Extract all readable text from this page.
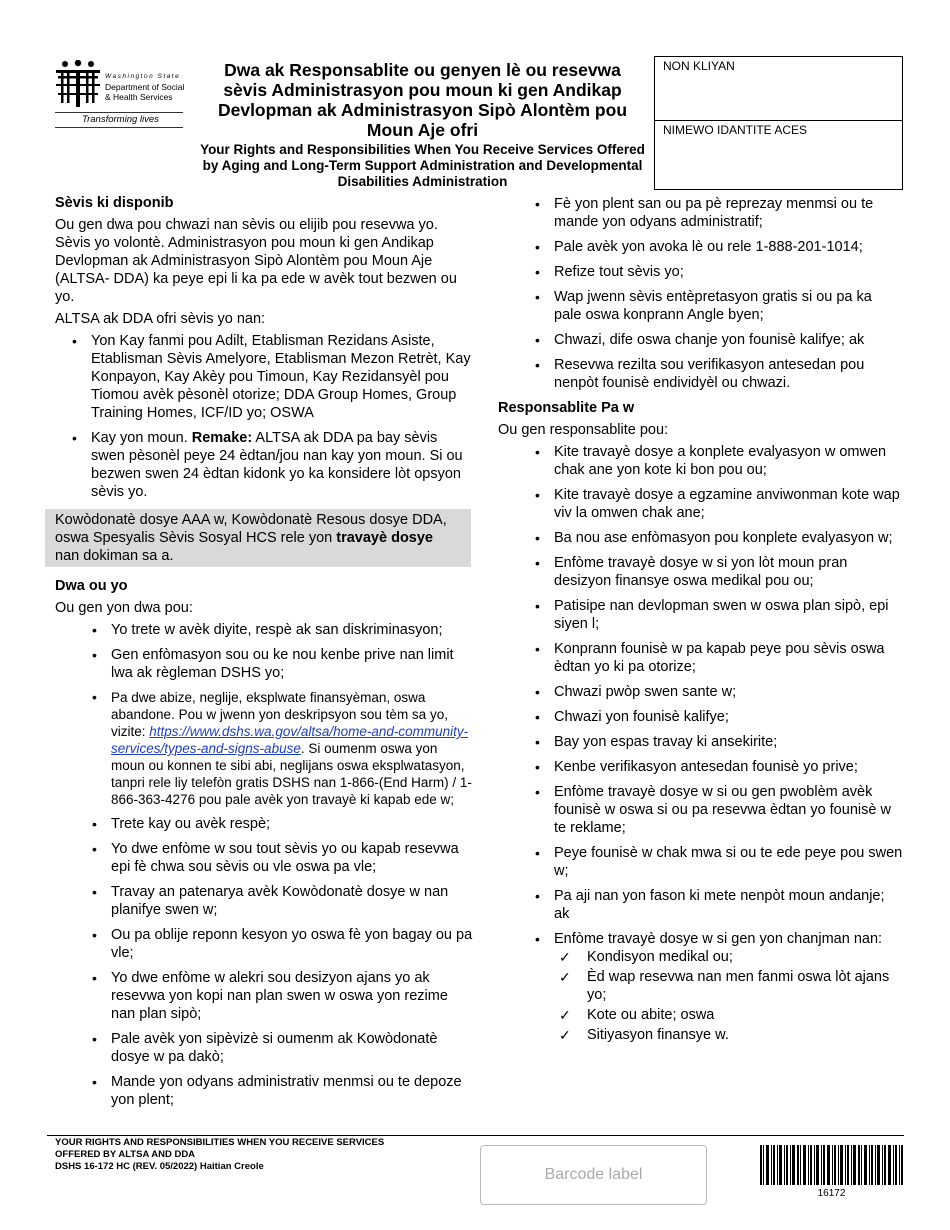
Washington State
Department of Social
& Health Services
Transforming lives
Dwa ak Responsablite ou genyen lè ou resevwa sèvis Administrasyon pou moun ki gen Andikap Devlopman ak Administrasyon Sipò Alontèm pou Moun Aje ofri
Your Rights and Responsibilities When You Receive Services Offered by Aging and Long-Term Support Administration and Developmental Disabilities Administration
NON KLIYAN
NIMEWO IDANTITE ACES
Sèvis ki disponib

Ou gen dwa pou chwazi nan sèvis ou elijib pou resevwa yo. Sèvis yo volontè. Administrasyon pou moun ki gen Andikap Devlopman ak Administrasyon Sipò Alontèm pou Moun Aje (ALTSA- DDA) ka peye epi li ka pa ede w avèk tout bezwen ou yo.

ALTSA ak DDA ofri sèvis yo nan:

• Yon Kay fanmi pou Adilt, Etablisman Rezidans Asiste, Etablisman Sèvis Amelyore, Etablisman Mezon Retrèt, Kay Konpayon, Kay Akèy pou Timoun, Kay Rezidansyèl pou Tiomou avèk pèsonèl otorize; DDA Group Homes, Group Training Homes, ICF/ID yo; OSWA
• Kay yon moun. Remake: ALTSA ak DDA pa bay sèvis swen pèsonèl peye 24 èdtan/jou nan kay yon moun. Si ou bezwen swen 24 èdtan kidonk yo ka konsidere lòt opsyon sèvis yo.
Kowòdonatè dosye AAA w, Kowòdonatè Resous dosye DDA, oswa Spesyalis Sèvis Sosyal HCS rele yon travayè dosye nan dokiman sa a.
Dwa ou yo

Ou gen yon dwa pou:

• Yo trete w avèk diyite, respè ak san diskriminasyon;
• Gen enfòmasyon sou ou ke nou kenbe prive nan limit lwa ak règleman DSHS yo;
• Pa dwe abize, neglije, eksplwate finansyèman, oswa abandone. Pou w jwenn yon deskripsyon sou tèm sa yo, vizite: https://www.dshs.wa.gov/altsa/home-and-community-services/types-and-signs-abuse. Si oumenm oswa yon moun ou konnen te sibi abi, neglijans oswa eksplwatasyon, tanpri rele liy telefòn gratis DSHS nan 1-866-(End Harm) / 1-866-363-4276 pou pale avèk yon travayè ki kapab ede w;
• Trete kay ou avèk respè;
• Yo dwe enfòme w sou tout sèvis yo ou kapab resevwa epi fè chwa sou sèvis ou vle oswa pa vle;
• Travay an patenarya avèk Kowòdonatè dosye w nan planifye swen w;
• Ou pa oblije reponn kesyon yo oswa fè yon bagay ou pa vle;
• Yo dwe enfòme w alekri sou desizyon ajans yo ak resevwa yon kopi nan plan swen w oswa yon rezime nan plan sipò;
• Pale avèk yon sipèvizè si oumenm ak Kowòdonatè dosye w pa dakò;
• Mande yon odyans administrativ menmsi ou te depoze yon plent;
• Fè yon plent san ou pa pè reprezay menmsi ou te mande yon odyans administratif;
• Pale avèk yon avoka lè ou rele 1-888-201-1014;
• Refize tout sèvis yo;
• Wap jwenn sèvis entèpretasyon gratis si ou pa ka pale oswa konprann Angle byen;
• Chwazi, dife oswa chanje yon founisè kalifye; ak
• Resevwa rezilta sou verifikasyon antesedan pou nenpòt founisè endividyèl ou chwazi.
Responsablite Pa w

Ou gen responsablite pou:

• Kite travayè dosye a konplete evalyasyon w omwen chak ane yon kote ki bon pou ou;
• Kite travayè dosye a egzamine anviwonman kote wap viv la omwen chak ane;
• Ba nou ase enfòmasyon pou konplete evalyasyon w;
• Enfòme travayè dosye w si yon lòt moun pran desizyon finansye oswa medikal pou ou;
• Patisipe nan devlopman swen w oswa plan sipò, epi siyen l;
• Konprann founisè w pa kapab peye pou sèvis oswa èdtan yo ki pa otorize;
• Chwazi pwòp swen sante w;
• Chwazi yon founisè kalifye;
• Bay yon espas travay ki ansekirite;
• Kenbe verifikasyon antesedan founisè yo prive;
• Enfòme travayè dosye w si ou gen pwoblèm avèk founisè w oswa si ou pa resevwa èdtan yo founisè w te reklame;
• Peye founisè w chak mwa si ou te ede peye pou swen w;
• Pa aji nan yon fason ki mete nenpòt moun andanje; ak
• Enfòme travayè dosye w si gen yon chanjman nan:
✓ Kondisyon medikal ou;
✓ Èd wap resevwa nan men fanmi oswa lòt ajans yo;
✓ Kote ou abite; oswa
✓ Sitiyasyon finansye w.
YOUR RIGHTS AND RESPONSIBILITIES WHEN YOU RECEIVE SERVICES
OFFERED BY ALTSA AND DDA
DSHS 16-172 HC (REV. 05/2022) Haitian Creole	Barcode label
16172
